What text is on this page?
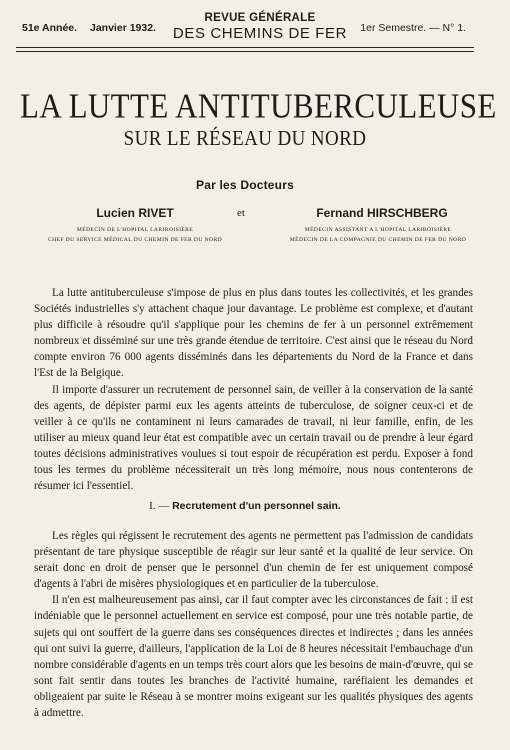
51e Année. Janvier 1932.
REVUE GÉNÉRALE
DES CHEMINS DE FER	1er Semestre. — N° 1.
LA LUTTE ANTITUBERCULEUSE
SUR LE RÉSEAU DU NORD
Par les Docteurs
Lucien RIVET	et	Fernand HIRSCHBERG
MÉDECIN DE L'HOPITAL LARIBOISIÈRE
CHEF DU SERVICE MÉDICAL DU CHEMIN DE FER DU NORD
MÉDECIN ASSISTANT A L'HOPITAL LARIBOISIÈRE
MÉDECIN DE LA COMPAGNIE DU CHEMIN DE FER DU NORD

La lutte antituberculeuse s'impose de plus en plus dans toutes les collectivités, et les grandes Sociétés industrielles s'y attachent chaque jour davantage. Le problème est complexe, et d'autant plus difficile à résoudre qu'il s'applique pour les chemins de fer à un personnel extrêmement nombreux et disséminé sur une très grande étendue de territoire. C'est ainsi que le réseau du Nord compte environ 76 000 agents disséminés dans les départements du Nord de la France et dans l'Est de la Belgique.

Il importe d'assurer un recrutement de personnel sain, de veiller à la conservation de la santé des agents, de dépister parmi eux les agents atteints de tuberculose, de soigner ceux-ci et de veiller à ce qu'ils ne contaminent ni leurs camarades de travail, ni leur famille, enfin, de les utiliser au mieux quand leur état est compatible avec un certain travail ou de prendre à leur égard toutes décisions administratives voulues si tout espoir de récupération est perdu. Exposer à fond tous les termes du problème nécessiterait un très long mémoire, nous nous contenterons de résumer ici l'essentiel.

I. — Recrutement d'un personnel sain.

Les règles qui régissent le recrutement des agents ne permettent pas l'admission de candidats présentant de tare physique susceptible de réagir sur leur santé et la qualité de leur service. On serait donc en droit de penser que le personnel d'un chemin de fer est uniquement composé d'agents à l'abri de misères physiologiques et en particulier de la tuberculose.

Il n'en est malheureusement pas ainsi, car il faut compter avec les circonstances de fait : il est indéniable que le personnel actuellement en service est composé, pour une très notable partie, de sujets qui ont souffert de la guerre dans ses conséquences directes et indirectes ; dans les années qui ont suivi la guerre, d'ailleurs, l'application de la Loi de 8 heures nécessitait l'embauchage d'un nombre considérable d'agents en un temps très court alors que les besoins de main-d'œuvre, qui se sont fait sentir dans toutes les branches de l'activité humaine, raréfiaient les demandes et obligeaient par suite le Réseau à se montrer moins exigeant sur les qualités physiques des agents à admettre.
